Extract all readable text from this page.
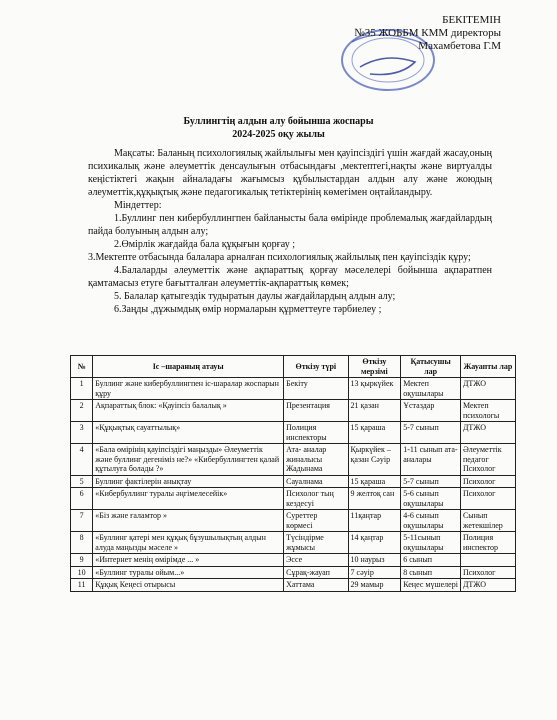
БЕКІТЕМІН
№35 ЖОББМ КММ директоры
Махамбетова Г.М
Буллингтің алдын алу бойынша жоспары
2024-2025 оқу жылы

Мақсаты: Баланың психологиялық жайлылығы мен қауіпсіздігі үшін жағдай жасау,оның психикалық және әлеуметтік денсаулығын отбасындағы ,мектептегі,нақты және виртуалды кеңістіктегі жақын айналадағы жағымсыз құбылыстардан алдын алу және жоюдың әлеуметтік,құқықтық және педагогикалық тетіктерінің көмегімен оңтайландыру.

Міндеттер:

1.Буллинг пен кибербуллингпен байланысты бала өмірінде проблемалық жағдайлардың пайда болуының алдын алу;

2.Өмірлік жағдайда бала құқығын қорғау ;

3.Мектепте отбасында балалара арналған психологиялық жайлылық пен қауіпсіздік құру;

4.Балаларды әлеуметтік және ақпараттық қорғау мәселелері бойынша ақпаратпен қамтамасыз етуге бағытталған әлеуметтік-ақпараттық көмек;

5. Балалар қатыгездік тудыратын даулы жағдайлардың алдын алу;

6.Заңды ,дұжымдық өмір нормаларын құрметтеуге тәрбиелеу ;

№	Іс –шараның атауы	Өткізу түрі	Өткізу мерзімі	Қатысушы лар	Жауапты лар
1	Буллинг және кибербуллингпен іс-шаралар жоспарын құру	Бекіту	13 қыркүйек	Мектеп оқушылары	ДТЖО
2	Ақпараттық блок: «Қауіпсіз балалық »	Презентация	21 қазан	Ұстаздар	Мектеп психологы
3	«Құқықтық сауаттылық»	Полиция инспекторы	15 қараша	5-7 сынып	ДТЖО
4	«Бала өмірінің қауіпсіздігі маңызды» Әлеуметтік және буллинг дегеніміз не?» «Кибербуллингтен қалай құтылуға болады ?»	Ата- аналар жиналысы Жадынама	Қыркүйек –қазан Сәуір	1-11 сынып ата-аналары	Әлеуметтік педагог Психолог
5	Буллинг фактілерін анықтау	Сауалнама	15 қараша	5-7 сынып	Психолог
6	«Кибербуллинг туралы әңгімелесейік»	Психолог тың кездесуі	9 желтоқ сан	5-6 сынып оқушылары	Психолог
7	«Біз және ғаламтор »	Суреттер көрмесі	11қаңтар	4-6 сынып оқушылары	Сынып жетекшілер
8	«Буллинг қатері мен құқық бұзушылықтың алдын алуда маңызды мәселе »	Түсіндірме жұмысы	14 қаңтар	5-11сынып оқушылары	Полиция инспектор
9	«Интернет менің өмірімде ... »	Эссе	10 наурыз	6 сынып	
10	«Буллинг туралы ойым...»	Сұрақ-жауап	7 сәуір	8 сынып	Психолог
11	Құқық Кеңесі отырысы	Хаттама	29 мамыр	Кеңес мүшелері	ДТЖО
